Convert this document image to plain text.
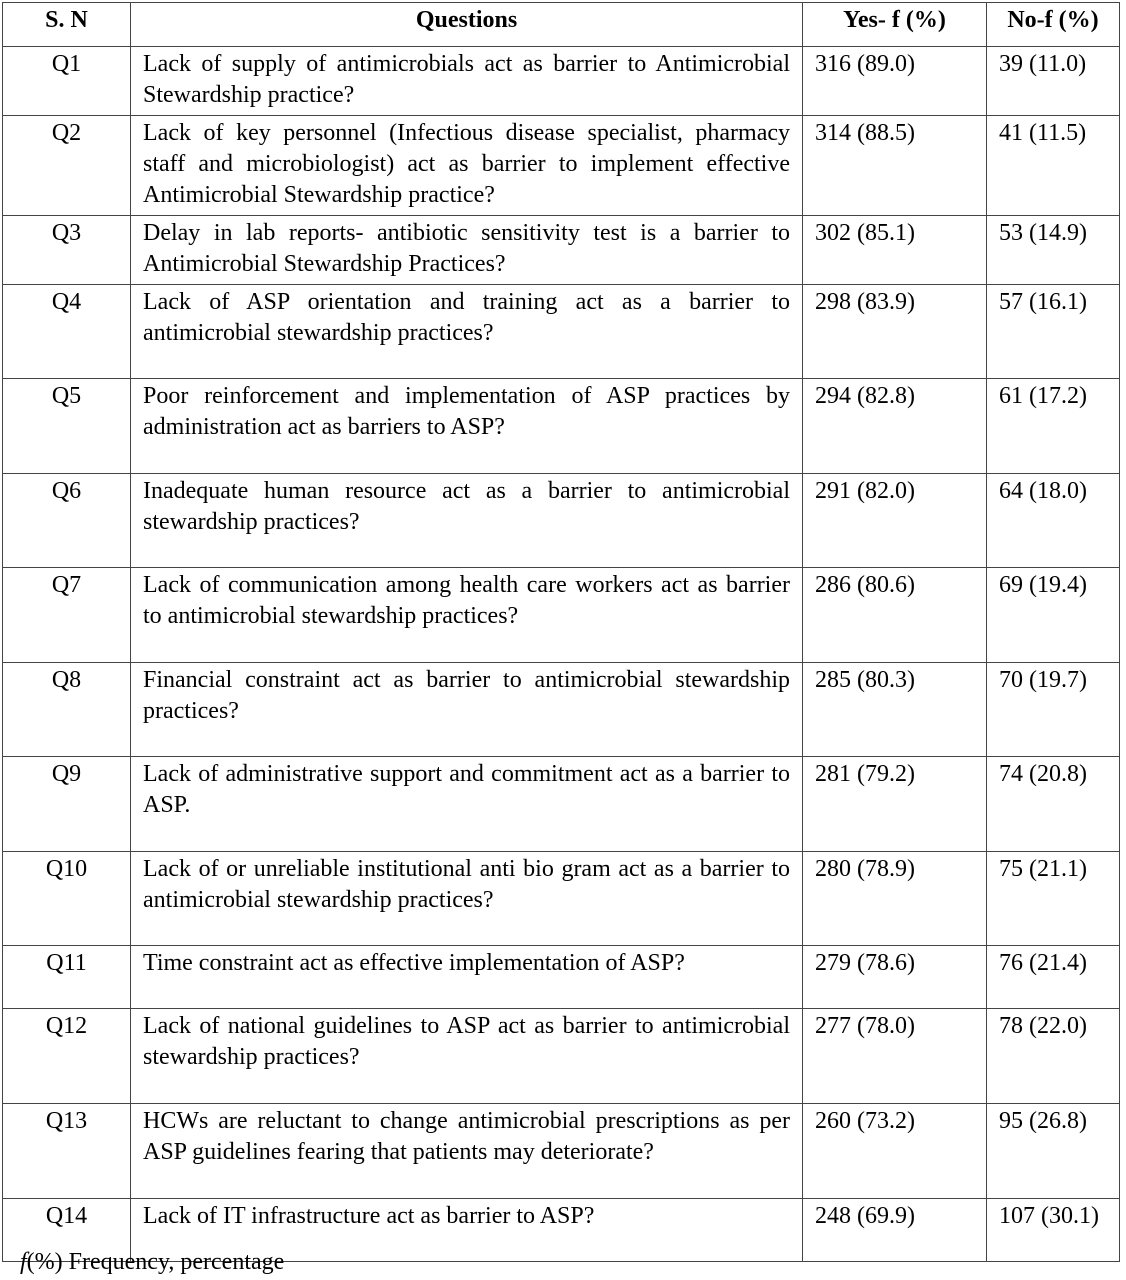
S. N	Questions	Yes- f (%)	No-f (%)
Q1	Lack of supply of antimicrobials act as barrier to Antimicrobial Stewardship practice?	316 (89.0)	39 (11.0)
Q2	Lack of key personnel (Infectious disease specialist, pharmacy staff and microbiologist) act as barrier to implement effective Antimicrobial Stewardship practice?	314 (88.5)	41 (11.5)
Q3	Delay in lab reports- antibiotic sensitivity test is a barrier to Antimicrobial Stewardship Practices?	302 (85.1)	53 (14.9)
Q4	Lack of ASP orientation and training act as a barrier to antimicrobial stewardship practices?	298 (83.9)	57 (16.1)
Q5	Poor reinforcement and implementation of ASP practices by administration act as barriers to ASP?	294 (82.8)	61 (17.2)
Q6	Inadequate human resource act as a barrier to antimicrobial stewardship practices?	291 (82.0)	64 (18.0)
Q7	Lack of communication among health care workers act as barrier to antimicrobial stewardship practices?	286 (80.6)	69 (19.4)
Q8	Financial constraint act as barrier to antimicrobial stewardship practices?	285 (80.3)	70 (19.7)
Q9	Lack of administrative support and commitment act as a barrier to ASP.	281 (79.2)	74 (20.8)
Q10	Lack of or unreliable institutional anti bio gram act as a barrier to antimicrobial stewardship practices?	280 (78.9)	75 (21.1)
Q11	Time constraint act as effective implementation of ASP?	279 (78.6)	76 (21.4)
Q12	Lack of national guidelines to ASP act as barrier to antimicrobial stewardship practices?	277 (78.0)	78 (22.0)
Q13	HCWs are reluctant to change antimicrobial prescriptions as per ASP guidelines fearing that patients may deteriorate?	260 (73.2)	95 (26.8)
Q14	Lack of IT infrastructure act as barrier to ASP?	248 (69.9)	107 (30.1)
f(%) Frequency, percentage
